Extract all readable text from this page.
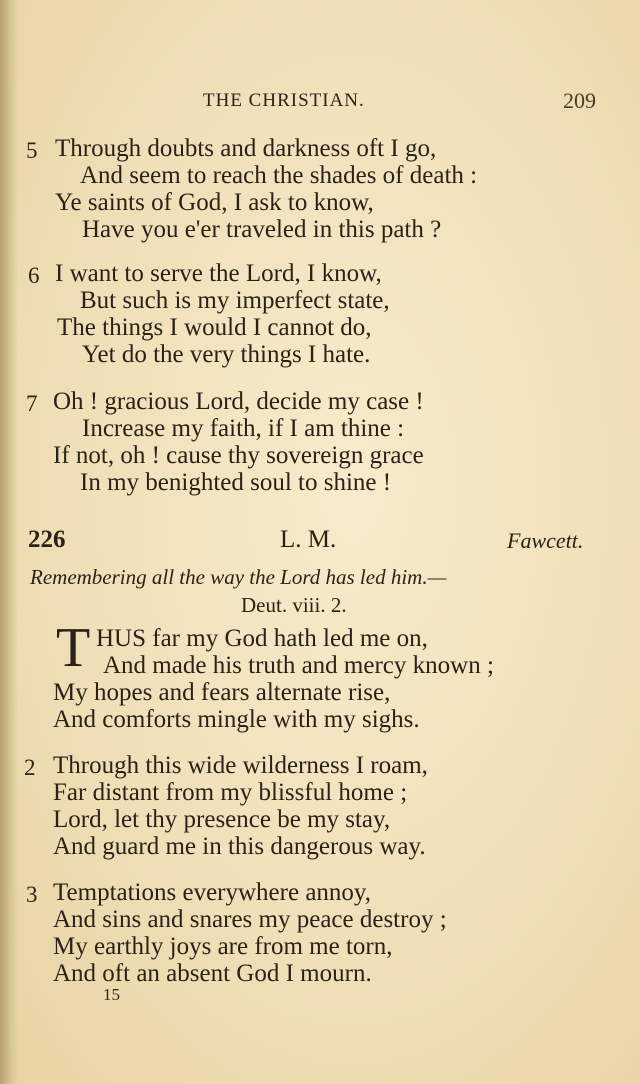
THE CHRISTIAN.	209
5 Through doubts and darkness oft I go,
And seem to reach the shades of death :
Ye saints of God, I ask to know,
Have you e'er traveled in this path ?
6 I want to serve the Lord, I know,
But such is my imperfect state,
The things I would I cannot do,
Yet do the very things I hate.
7 Oh ! gracious Lord, decide my case !
Increase my faith, if I am thine :
If not, oh ! cause thy sovereign grace
In my benighted soul to shine !
226	L. M.	Fawcett.
Remembering all the way the Lord has led him.—
Deut. viii. 2.
T HUS far my God hath led me on,
And made his truth and mercy known ;
My hopes and fears alternate rise,
And comforts mingle with my sighs.
2 Through this wide wilderness I roam,
Far distant from my blissful home ;
Lord, let thy presence be my stay,
And guard me in this dangerous way.
3 Temptations everywhere annoy,
And sins and snares my peace destroy ;
My earthly joys are from me torn,
And oft an absent God I mourn.
15
